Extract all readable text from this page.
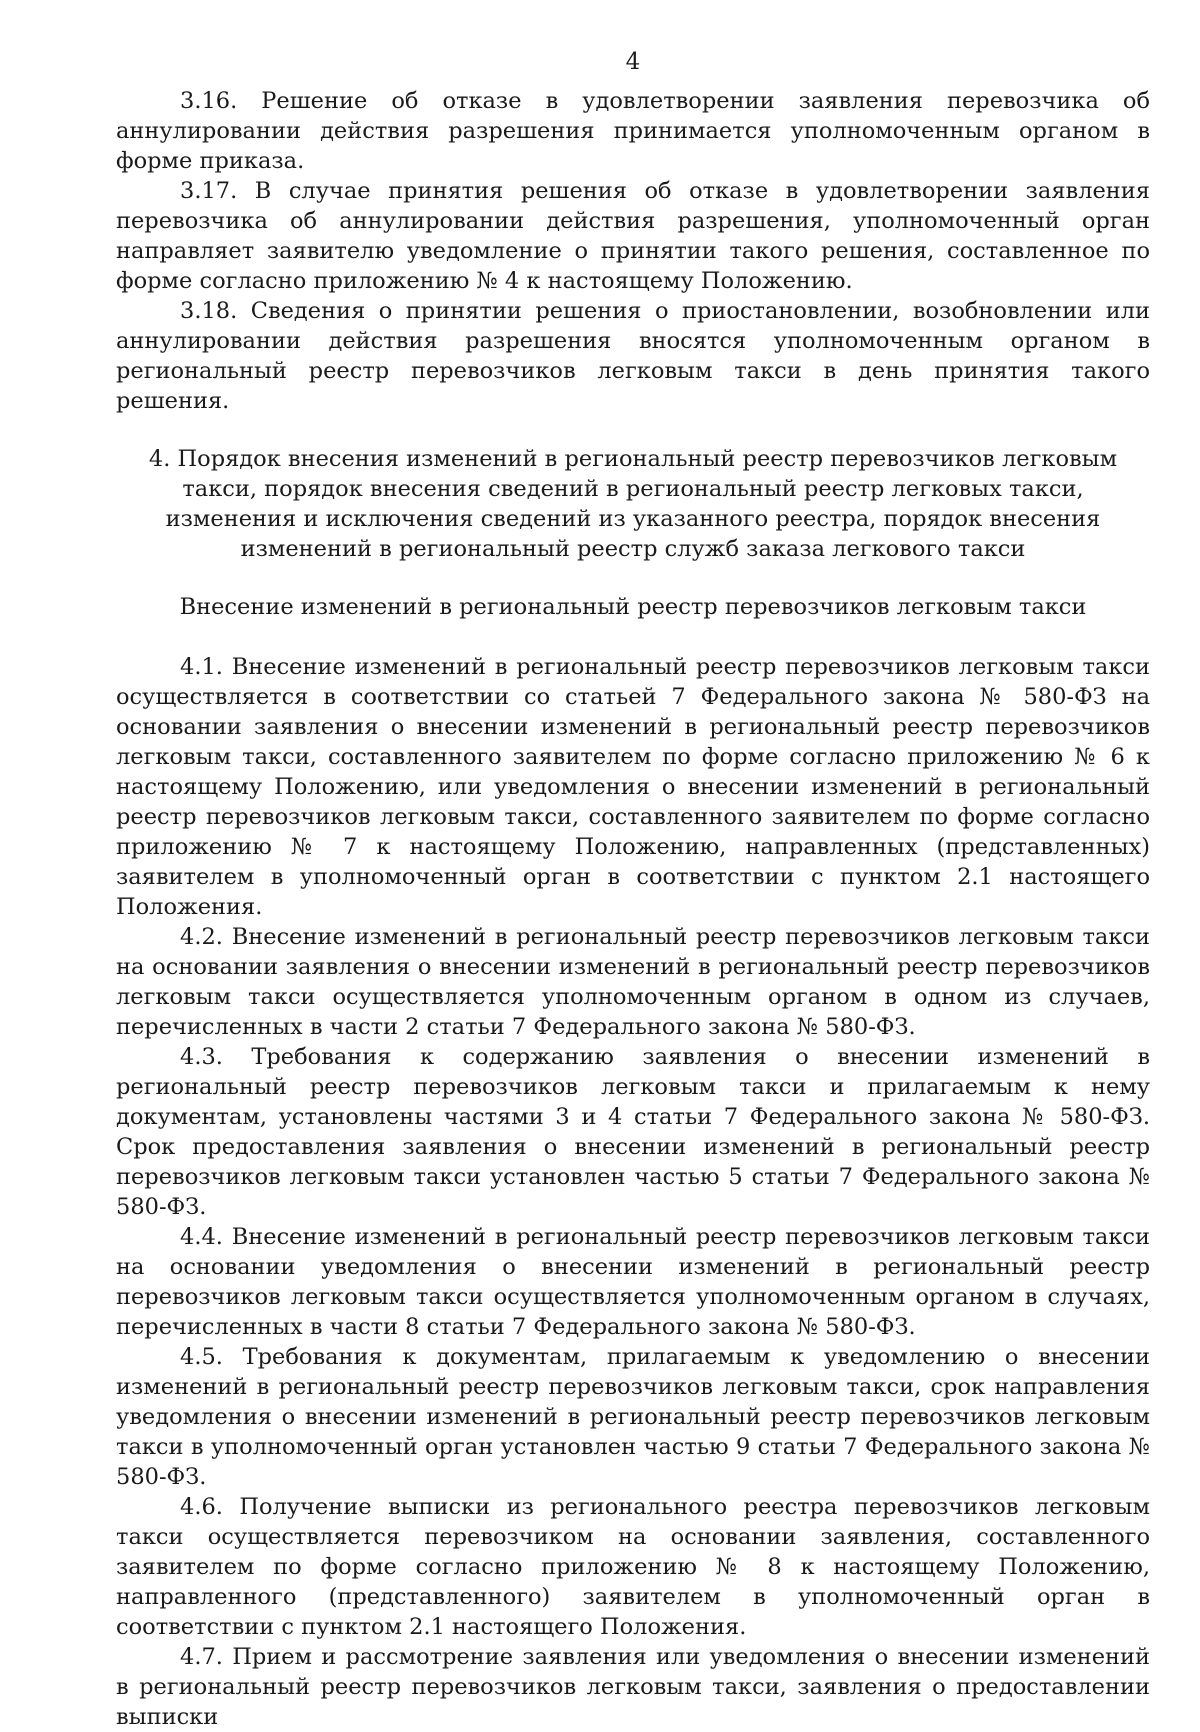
4

3.16. Решение об отказе в удовлетворении заявления перевозчика об аннулировании действия разрешения принимается уполномоченным органом в форме приказа.

3.17. В случае принятия решения об отказе в удовлетворении заявления перевозчика об аннулировании действия разрешения, уполномоченный орган направляет заявителю уведомление о принятии такого решения, составленное по форме согласно приложению № 4 к настоящему Положению.

3.18. Сведения о принятии решения о приостановлении, возобновлении или аннулировании действия разрешения вносятся уполномоченным органом в региональный реестр перевозчиков легковым такси в день принятия такого решения.

4. Порядок внесения изменений в региональный реестр перевозчиков легковым такси, порядок внесения сведений в региональный реестр легковых такси, изменения и исключения сведений из указанного реестра, порядок внесения изменений в региональный реестр служб заказа легкового такси

Внесение изменений в региональный реестр перевозчиков легковым такси

4.1. Внесение изменений в региональный реестр перевозчиков легковым такси осуществляется в соответствии со статьей 7 Федерального закона № 580-ФЗ на основании заявления о внесении изменений в региональный реестр перевозчиков легковым такси, составленного заявителем по форме согласно приложению № 6 к настоящему Положению, или уведомления о внесении изменений в региональный реестр перевозчиков легковым такси, составленного заявителем по форме согласно приложению № 7 к настоящему Положению, направленных (представленных) заявителем в уполномоченный орган в соответствии с пунктом 2.1 настоящего Положения.

4.2. Внесение изменений в региональный реестр перевозчиков легковым такси на основании заявления о внесении изменений в региональный реестр перевозчиков легковым такси осуществляется уполномоченным органом в одном из случаев, перечисленных в части 2 статьи 7 Федерального закона № 580-ФЗ.

4.3. Требования к содержанию заявления о внесении изменений в региональный реестр перевозчиков легковым такси и прилагаемым к нему документам, установлены частями 3 и 4 статьи 7 Федерального закона № 580-ФЗ. Срок предоставления заявления о внесении изменений в региональный реестр перевозчиков легковым такси установлен частью 5 статьи 7 Федерального закона № 580-ФЗ.

4.4. Внесение изменений в региональный реестр перевозчиков легковым такси на основании уведомления о внесении изменений в региональный реестр перевозчиков легковым такси осуществляется уполномоченным органом в случаях, перечисленных в части 8 статьи 7 Федерального закона № 580-ФЗ.

4.5. Требования к документам, прилагаемым к уведомлению о внесении изменений в региональный реестр перевозчиков легковым такси, срок направления уведомления о внесении изменений в региональный реестр перевозчиков легковым такси в уполномоченный орган установлен частью 9 статьи 7 Федерального закона № 580-ФЗ.

4.6. Получение выписки из регионального реестра перевозчиков легковым такси осуществляется перевозчиком на основании заявления, составленного заявителем по форме согласно приложению № 8 к настоящему Положению, направленного (представленного) заявителем в уполномоченный орган в соответствии с пунктом 2.1 настоящего Положения.

4.7. Прием и рассмотрение заявления или уведомления о внесении изменений в региональный реестр перевозчиков легковым такси, заявления о предоставлении выписки
